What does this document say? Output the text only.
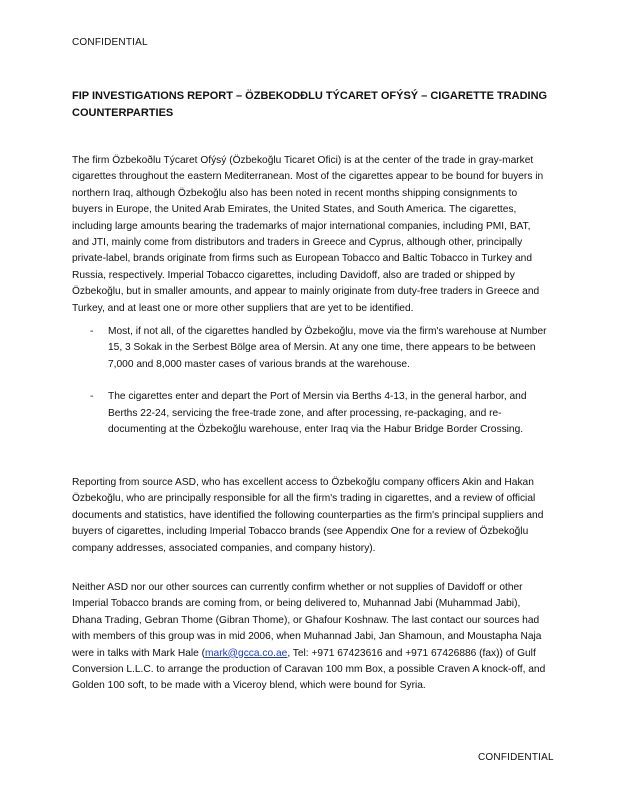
CONFIDENTIAL
FIP INVESTIGATIONS REPORT – ÖZBEKODĐLU TÝCARET OFÝSÝ – CIGARETTE TRADING COUNTERPARTIES

The firm Özbekoðlu Týcaret Ofýsý (Özbekoğlu Ticaret Ofici) is at the center of the trade in gray-market cigarettes throughout the eastern Mediterranean. Most of the cigarettes appear to be bound for buyers in northern Iraq, although Özbekoğlu also has been noted in recent months shipping consignments to buyers in Europe, the United Arab Emirates, the United States, and South America. The cigarettes, including large amounts bearing the trademarks of major international companies, including PMI, BAT, and JTI, mainly come from distributors and traders in Greece and Cyprus, although other, principally private-label, brands originate from firms such as European Tobacco and Baltic Tobacco in Turkey and Russia, respectively. Imperial Tobacco cigarettes, including Davidoff, also are traded or shipped by Özbekoğlu, but in smaller amounts, and appear to mainly originate from duty-free traders in Greece and Turkey, and at least one or more other suppliers that are yet to be identified.

-	Most, if not all, of the cigarettes handled by Özbekoğlu, move via the firm's warehouse at Number 15, 3 Sokak in the Serbest Bölge area of Mersin. At any one time, there appears to be between 7,000 and 8,000 master cases of various brands at the warehouse.
-	The cigarettes enter and depart the Port of Mersin via Berths 4-13, in the general harbor, and Berths 22-24, servicing the free-trade zone, and after processing, re-packaging, and re-documenting at the Özbekoğlu warehouse, enter Iraq via the Habur Bridge Border Crossing.

Reporting from source ASD, who has excellent access to Özbekoğlu company officers Akin and Hakan Özbekoğlu, who are principally responsible for all the firm's trading in cigarettes, and a review of official documents and statistics, have identified the following counterparties as the firm's principal suppliers and buyers of cigarettes, including Imperial Tobacco brands (see Appendix One for a review of Özbekoğlu company addresses, associated companies, and company history).

Neither ASD nor our other sources can currently confirm whether or not supplies of Davidoff or other Imperial Tobacco brands are coming from, or being delivered to, Muhannad Jabi (Muhammad Jabi), Dhana Trading, Gebran Thome (Gibran Thome), or Ghafour Koshnaw. The last contact our sources had with members of this group was in mid 2006, when Muhannad Jabi, Jan Shamoun, and Moustapha Naja were in talks with Mark Hale (mark@gcca.co.ae, Tel: +971 67423616 and +971 67426886 (fax)) of Gulf Conversion L.L.C. to arrange the production of Caravan 100 mm Box, a possible Craven A knock-off, and Golden 100 soft, to be made with a Viceroy blend, which were bound for Syria.

CONFIDENTIAL
